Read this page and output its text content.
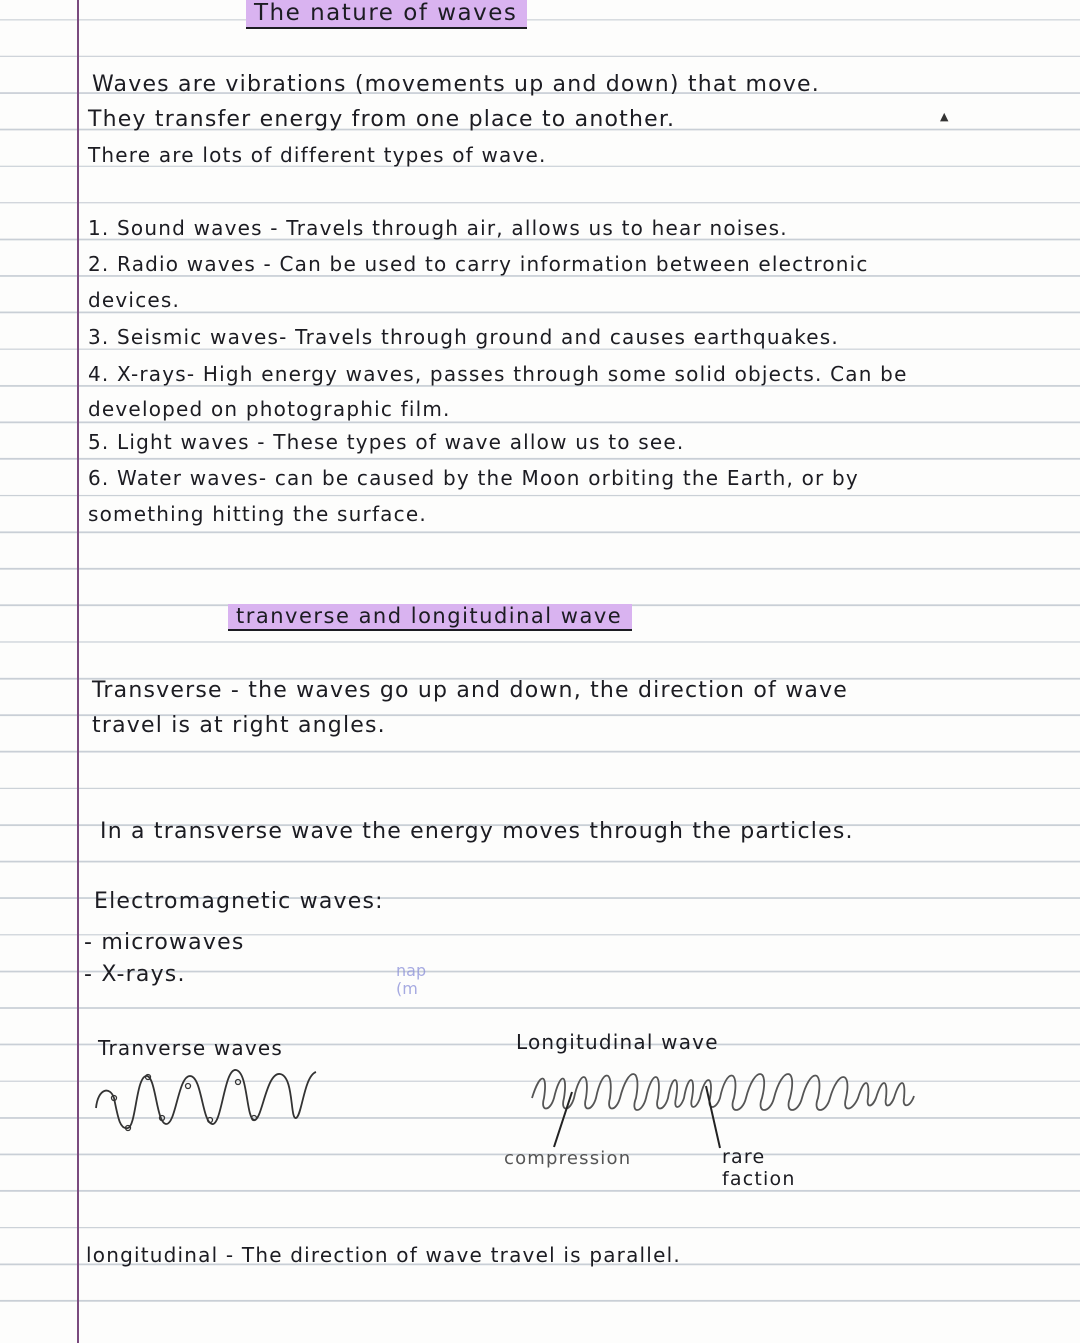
The nature of waves
Waves are vibrations (movements up and down) that move.
They transfer energy from one place to another.
There are lots of different types of wave.
▲
1. Sound waves - Travels through air, allows us to hear noises.
2. Radio waves - Can be used to carry information between electronic
devices.
3. Seismic waves- Travels through ground and causes earthquakes.
4. X-rays- High energy waves, passes through some solid objects. Can be
developed on photographic film.
5. Light waves - These types of wave allow us to see.
6. Water waves- can be caused by the Moon orbiting the Earth, or by
something hitting the surface.
tranverse and longitudinal wave
Transverse - the waves go up and down, the direction of wave
travel is at right angles.
In a transverse wave the energy moves through the particles.
Electromagnetic waves:
- microwaves
- X-rays.	nap
(m
Tranverse waves	Longitudinal wave
compression	rare
faction
longitudinal - The direction of wave travel is parallel.
